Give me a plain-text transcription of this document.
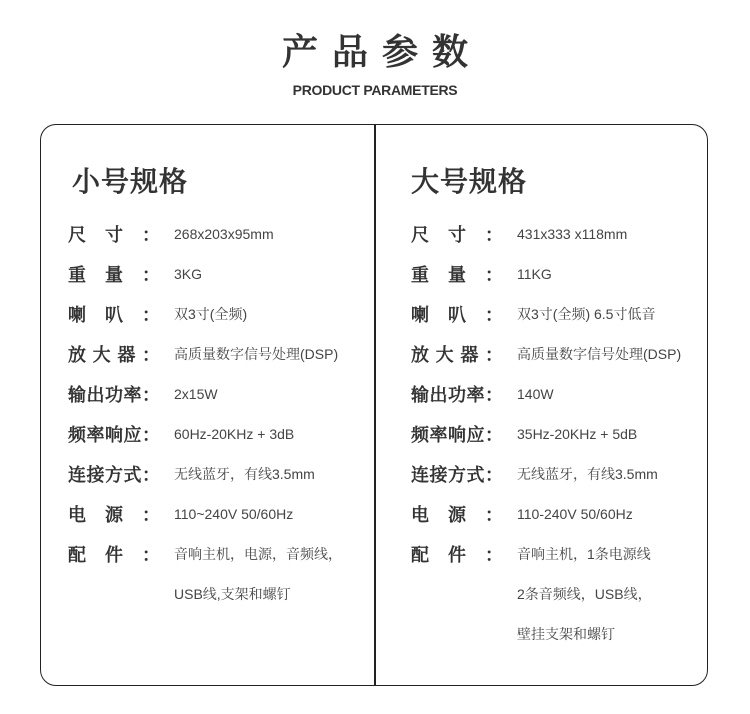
产品参数
PRODUCT PARAMETERS
小号规格
尺 寸 ： 268x203x95mm
重 量 ： 3KG
喇 叭 ： 双3寸(全频)
放 大 器 ： 高质量数字信号处理(DSP)
输 出 功 率 ： 2x15W
频 率 响 应 ： 60Hz-20KHz + 3dB
连 接 方 式 ： 无线蓝牙，有线3.5mm
电 源 ： 110~240V 50/60Hz
配 件 ： 音响主机，电源，音频线，
USB线,支架和螺钉
大号规格
尺 寸 ： 431x333 x118mm
重 量 ： 11KG
喇 叭 ： 双3寸(全频) 6.5寸低音
放 大 器 ： 高质量数字信号处理(DSP)
输 出 功 率 ： 140W
频 率 响 应 ： 35Hz-20KHz + 5dB
连 接 方 式 ： 无线蓝牙，有线3.5mm
电 源 ： 110-240V 50/60Hz
配 件 ： 音响主机，1条电源线
2条音频线，USB线，
壁挂支架和螺钉
